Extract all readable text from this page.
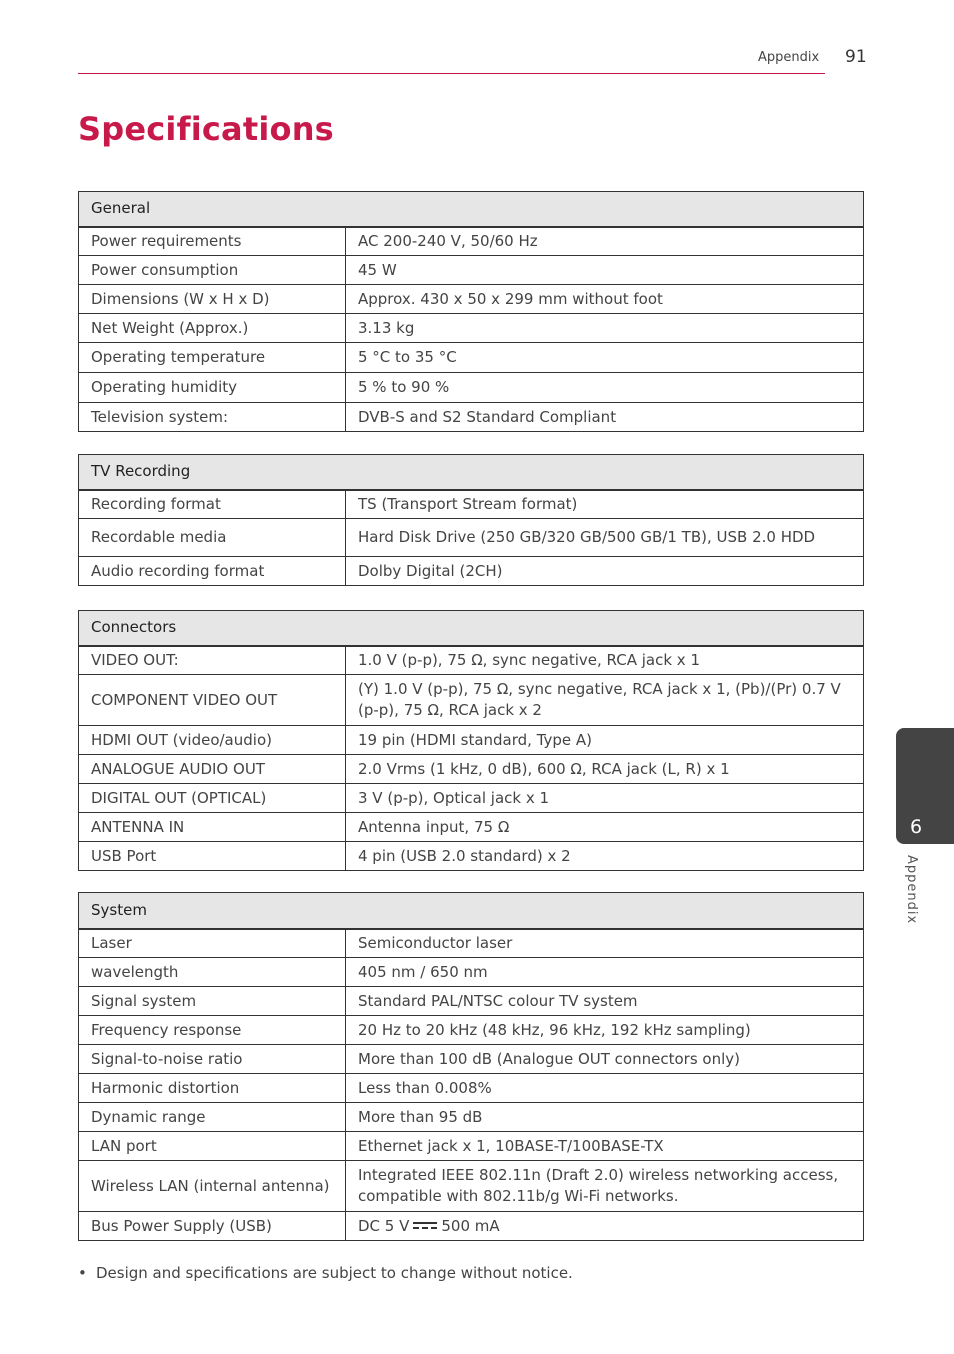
Appendix 91
Specifications
General	
Power requirements	AC 200-240 V, 50/60 Hz
Power consumption	45 W
Dimensions (W x H x D)	Approx. 430 x 50 x 299 mm without foot
Net Weight (Approx.)	3.13 kg
Operating temperature	5 °C to 35 °C
Operating humidity	5 % to 90 %
Television system:	DVB-S and S2 Standard Compliant
TV Recording	
Recording format	TS (Transport Stream format)
Recordable media	Hard Disk Drive (250 GB/320 GB/500 GB/1 TB), USB 2.0 HDD
Audio recording format	Dolby Digital (2CH)
Connectors	
VIDEO OUT:	1.0 V (p-p), 75 Ω, sync negative, RCA jack x 1
COMPONENT VIDEO OUT	(Y) 1.0 V (p-p), 75 Ω, sync negative, RCA jack x 1, (Pb)/(Pr) 0.7 V (p-p), 75 Ω, RCA jack x 2
HDMI OUT (video/audio)	19 pin (HDMI standard, Type A)
ANALOGUE AUDIO OUT	2.0 Vrms (1 kHz, 0 dB), 600 Ω, RCA jack (L, R) x 1
DIGITAL OUT (OPTICAL)	3 V (p-p), Optical jack x 1
ANTENNA IN	Antenna input, 75 Ω
USB Port	4 pin (USB 2.0 standard) x 2
System	
Laser	Semiconductor laser
wavelength	405 nm / 650 nm
Signal system	Standard PAL/NTSC colour TV system
Frequency response	20 Hz to 20 kHz (48 kHz, 96 kHz, 192 kHz sampling)
Signal-to-noise ratio	More than 100 dB (Analogue OUT connectors only)
Harmonic distortion	Less than 0.008%
Dynamic range	More than 95 dB
LAN port	Ethernet jack x 1, 10BASE-T/100BASE-TX
Wireless LAN (internal antenna)	Integrated IEEE 802.11n (Draft 2.0) wireless networking access, compatible with 802.11b/g Wi-Fi networks.
Bus Power Supply (USB)	DC 5 V 500 mA
6
Appendix
• Design and specifications are subject to change without notice.
